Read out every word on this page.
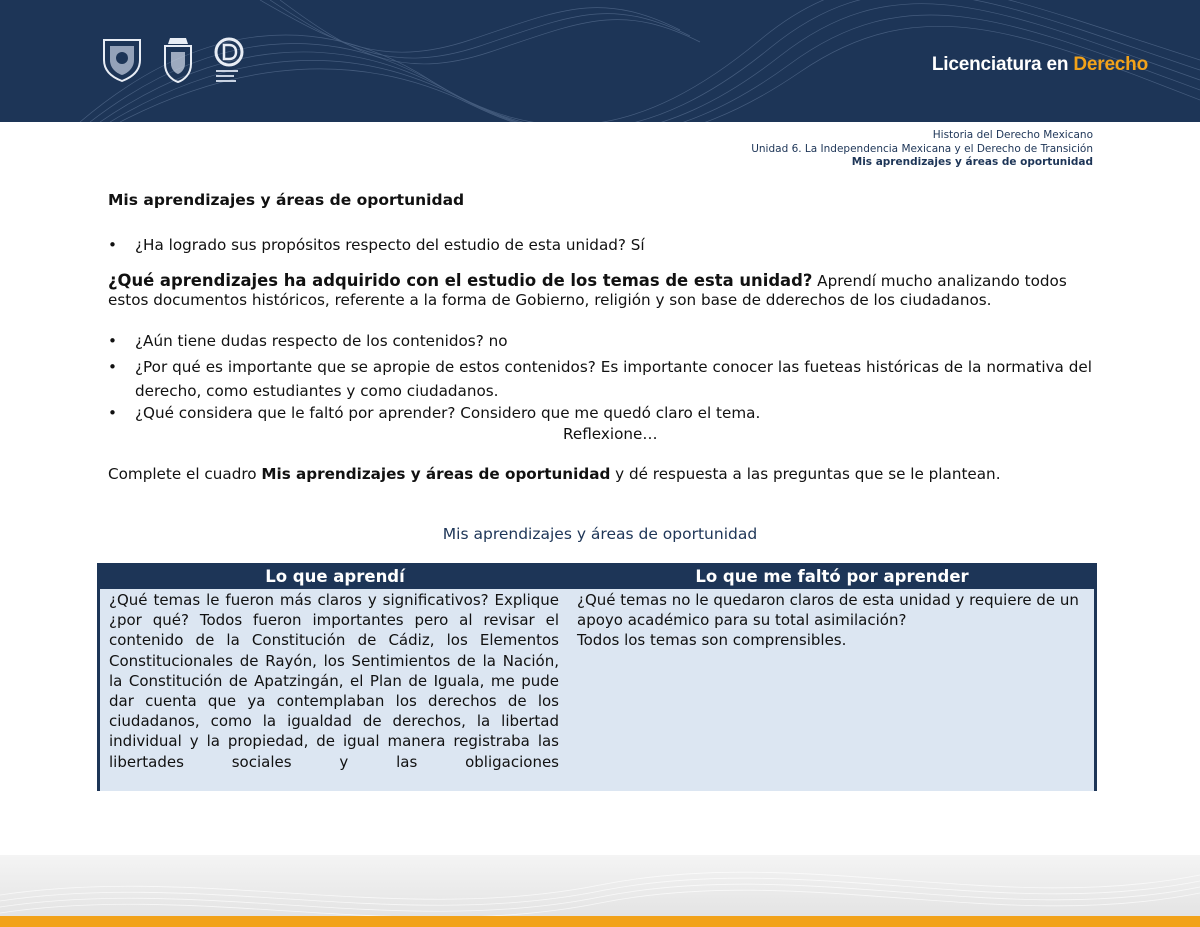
Licenciatura en Derecho
Historia del Derecho Mexicano
Unidad 6. La Independencia Mexicana y el Derecho de Transición
Mis aprendizajes y áreas de oportunidad
Mis aprendizajes y áreas de oportunidad
• ¿Ha logrado sus propósitos respecto del estudio de esta unidad? Sí
¿Qué aprendizajes ha adquirido con el estudio de los temas de esta unidad? Aprendí mucho analizando todos estos documentos históricos, referente a la forma de Gobierno, religión y son base de dderechos de los ciudadanos.
• ¿Aún tiene dudas respecto de los contenidos? no
• ¿Por qué es importante que se apropie de estos contenidos? Es importante conocer las fueteas históricas de la normativa del derecho, como estudiantes y como ciudadanos.
• ¿Qué considera que le faltó por aprender? Considero que me quedó claro el tema.
Reflexione…
Complete el cuadro Mis aprendizajes y áreas de oportunidad y dé respuesta a las preguntas que se le plantean.
Mis aprendizajes y áreas de oportunidad
Lo que aprendí	Lo que me faltó por aprender

¿Qué temas le fueron más claros y significativos? Explique ¿por qué? Todos fueron importantes pero al revisar el contenido de la Constitución de Cádiz, los Elementos Constitucionales de Rayón, los Sentimientos de la Nación, la Constitución de Apatzingán, el Plan de Iguala, me pude dar cuenta que ya contemplaban los derechos de los ciudadanos, como la igualdad de derechos, la libertad individual y la propiedad, de igual manera registraba las libertades sociales y las obligaciones

¿Qué temas no le quedaron claros de esta unidad y requiere de un apoyo académico para su total asimilación?
Todos los temas son comprensibles.
